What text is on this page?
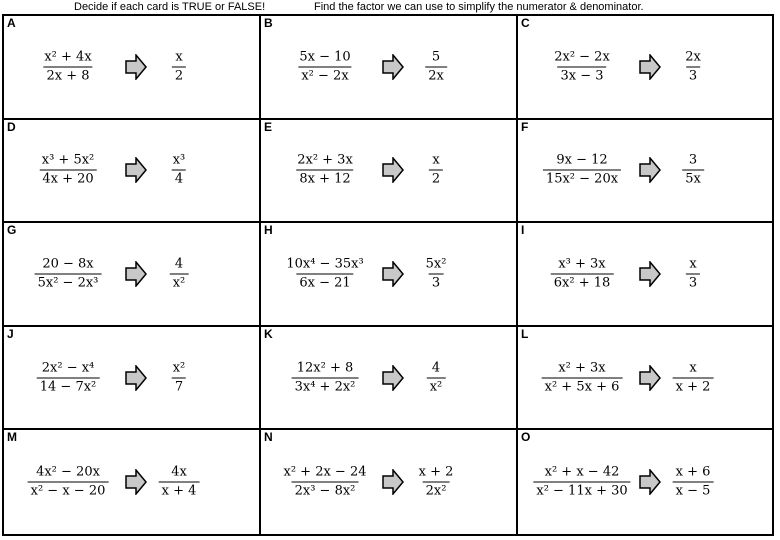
Decide if each card is TRUE or FALSE!	Find the factor we can use to simplify the numerator & denominator.
A
$\frac{\text{x² + 4x}}{2x + 8}$	$\frac{x}{2}$
B
$\frac{5x - 10}{\text{x² − 2x}}$	$\frac{5}{2x}$
C
$\frac{\text{2x² − 2x}}{3x - 3}$	$\frac{2x}{3}$
D
$\frac{\text{x³ + 5x²}}{4x + 20}$	$\frac{\text{x³}}{4}$
E
$\frac{\text{2x² + 3x}}{8x + 12}$	$\frac{x}{2}$
F
$\frac{9x - 12}{\text{15x² − 20x}}$	$\frac{3}{5x}$
G
$\frac{20 - 8x}{\text{5x² − 2x³}}$	$\frac{4}{\text{x²}}$
H
$\frac{\text{10x⁴ − 35x³}}{6x - 21}$	$\frac{\text{5x²}}{3}$
I
$\frac{\text{x³ + 3x}}{\text{6x² + 18}}$	$\frac{x}{3}$
J
$\frac{\text{2x² − x⁴}}{\text{14 − 7x²}}$	$\frac{\text{x²}}{7}$
K
$\frac{\text{12x² + 8}}{\text{3x⁴ + 2x²}}$	$\frac{4}{\text{x²}}$
L
$\frac{\text{x² + 3x}}{\text{x² + 5x + 6}}$	$\frac{x}{x + 2}$
M
$\frac{\text{4x² − 20x}}{\text{x² − x − 20}}$	$\frac{4x}{x + 4}$
N
$\frac{\text{x² + 2x − 24}}{\text{2x³ − 8x²}}$	$\frac{x + 2}{\text{2x²}}$
O
$\frac{\text{x² + x − 42}}{\text{x² − 11x + 30}}$	$\frac{x + 6}{x - 5}$
